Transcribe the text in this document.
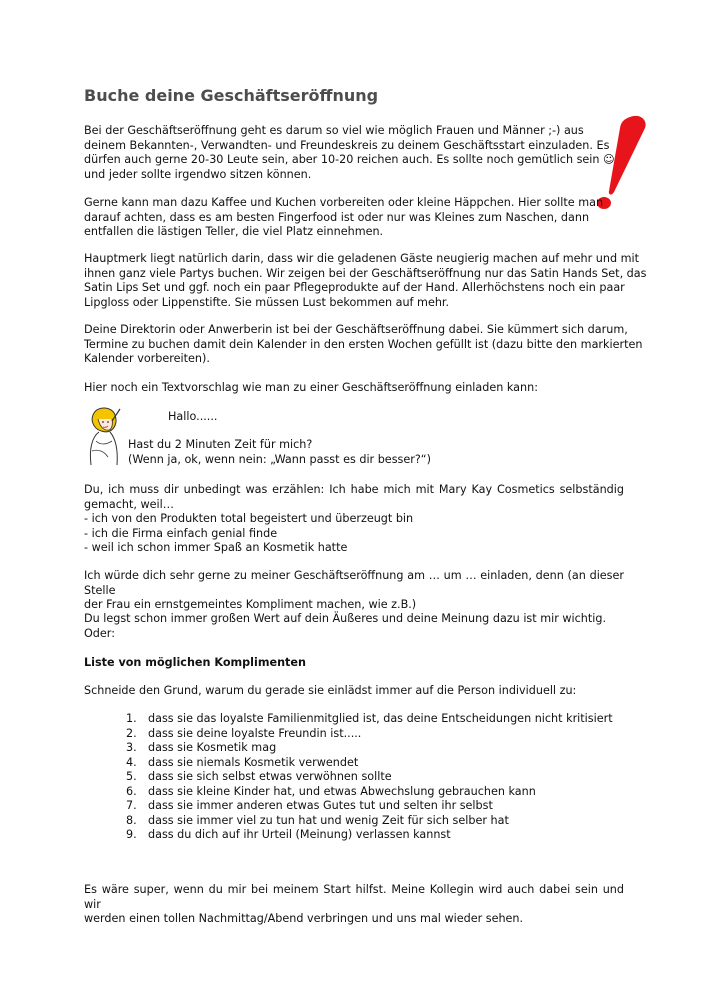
Buche deine Geschäftseröffnung
Bei der Geschäftseröffnung geht es darum so viel wie möglich Frauen und Männer ;-) aus
deinem Bekannten-, Verwandten- und Freundeskreis zu deinem Geschäftsstart einzuladen. Es
dürfen auch gerne 20-30 Leute sein, aber 10-20 reichen auch. Es sollte noch gemütlich sein ☺
und jeder sollte irgendwo sitzen können.
Gerne kann man dazu Kaffee und Kuchen vorbereiten oder kleine Häppchen. Hier sollte man
darauf achten, dass es am besten Fingerfood ist oder nur was Kleines zum Naschen, dann
entfallen die lästigen Teller, die viel Platz einnehmen.
Hauptmerk liegt natürlich darin, dass wir die geladenen Gäste neugierig machen auf mehr und mit
ihnen ganz viele Partys buchen. Wir zeigen bei der Geschäftseröffnung nur das Satin Hands Set, das
Satin Lips Set und ggf. noch ein paar Pflegeprodukte auf der Hand. Allerhöchstens noch ein paar
Lipgloss oder Lippenstifte. Sie müssen Lust bekommen auf mehr.
Deine Direktorin oder Anwerberin ist bei der Geschäftseröffnung dabei. Sie kümmert sich darum,
Termine zu buchen damit dein Kalender in den ersten Wochen gefüllt ist (dazu bitte den markierten
Kalender vorbereiten).
Hier noch ein Textvorschlag wie man zu einer Geschäftseröffnung einladen kann:
Du, ich muss dir unbedingt was erzählen: Ich habe mich mit Mary Kay Cosmetics selbständig
gemacht, weil…
- ich von den Produkten total begeistert und überzeugt bin
- ich die Firma einfach genial finde
- weil ich schon immer Spaß an Kosmetik hatte
Ich würde dich sehr gerne zu meiner Geschäftseröffnung am … um … einladen, denn (an dieser Stelle
der Frau ein ernstgemeintes Kompliment machen, wie z.B.)
Du legst schon immer großen Wert auf dein Äußeres und deine Meinung dazu ist mir wichtig.
Oder:
Liste von möglichen Komplimenten
Schneide den Grund, warum du gerade sie einlädst immer auf die Person individuell zu:
1. dass sie das loyalste Familienmitglied ist, das deine Entscheidungen nicht kritisiert
2. dass sie deine loyalste Freundin ist.....
3. dass sie Kosmetik mag
4. dass sie niemals Kosmetik verwendet
5. dass sie sich selbst etwas verwöhnen sollte
6. dass sie kleine Kinder hat, und etwas Abwechslung gebrauchen kann
7. dass sie immer anderen etwas Gutes tut und selten ihr selbst
8. dass sie immer viel zu tun hat und wenig Zeit für sich selber hat
9. dass du dich auf ihr Urteil (Meinung) verlassen kannst
Es wäre super, wenn du mir bei meinem Start hilfst. Meine Kollegin wird auch dabei sein und wir
werden einen tollen Nachmittag/Abend verbringen und uns mal wieder sehen.
Hallo......
Hast du 2 Minuten Zeit für mich?
(Wenn ja, ok, wenn nein: „Wann passt es dir besser?“)
